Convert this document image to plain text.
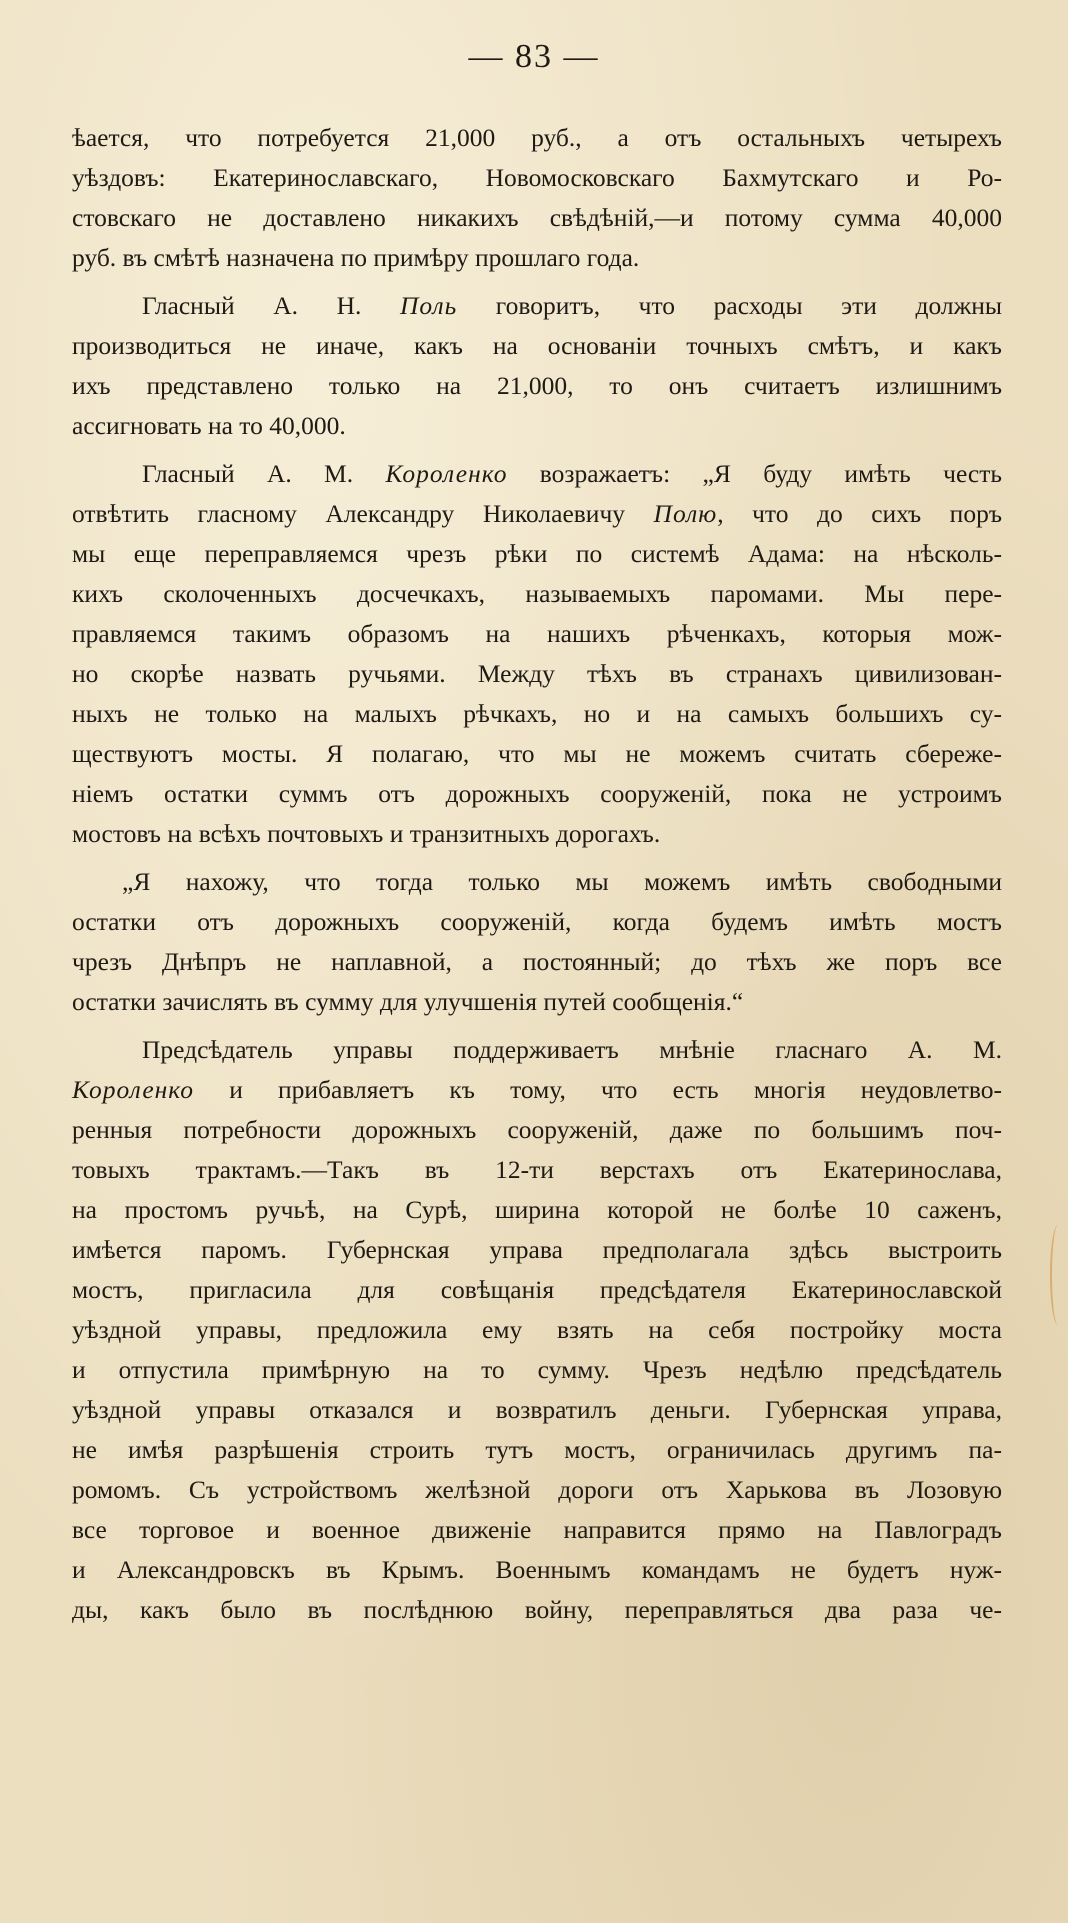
— 83 —
ѣается, что потребуется 21,000 руб., а отъ остальныхъ четырехъ
уѣздовъ: Екатеринославскаго, Новомосковскаго Бахмутскаго и Ро-
стовскаго не доставлено никакихъ свѣдѣній,—и потому сумма 40,000
руб. въ смѣтѣ назначена по примѣру прошлаго года.
Гласный А. Н. Поль говоритъ, что расходы эти должны
производиться не иначе, какъ на основаніи точныхъ смѣтъ, и какъ
ихъ представлено только на 21,000, то онъ считаетъ излишнимъ
ассигновать на то 40,000.
Гласный А. М. Короленко возражаетъ: „Я буду имѣть честь
отвѣтить гласному Александру Николаевичу Полю, что до сихъ поръ
мы еще переправляемся чрезъ рѣки по системѣ Адама: на нѣсколь-
кихъ сколоченныхъ досчечкахъ, называемыхъ паромами. Мы пере-
правляемся такимъ образомъ на нашихъ рѣченкахъ, которыя мож-
но скорѣе назвать ручьями. Между тѣхъ въ странахъ цивилизован-
ныхъ не только на малыхъ рѣчкахъ, но и на самыхъ большихъ су-
ществуютъ мосты. Я полагаю, что мы не можемъ считать сбереже-
ніемъ остатки суммъ отъ дорожныхъ сооруженій, пока не устроимъ
мостовъ на всѣхъ почтовыхъ и транзитныхъ дорогахъ.
„Я нахожу, что тогда только мы можемъ имѣть свободными
остатки отъ дорожныхъ сооруженій, когда будемъ имѣть мостъ
чрезъ Днѣпръ не наплавной, а постоянный; до тѣхъ же поръ все
остатки зачислять въ сумму для улучшенія путей сообщенія.“
Предсѣдатель управы поддерживаетъ мнѣніе гласнаго А. М.
Короленко и прибавляетъ къ тому, что есть многія неудовлетво-
ренныя потребности дорожныхъ сооруженій, даже по большимъ поч-
товыхъ трактамъ.—Такъ въ 12-ти верстахъ отъ Екатеринослава,
на простомъ ручьѣ, на Сурѣ, ширина которой не болѣе 10 саженъ,
имѣется паромъ. Губернская управа предполагала здѣсь выстроить
мостъ, пригласила для совѣщанія предсѣдателя Екатеринославской
уѣздной управы, предложила ему взять на себя постройку моста
и отпустила примѣрную на то сумму. Чрезъ недѣлю предсѣдатель
уѣздной управы отказался и возвратилъ деньги. Губернская управа,
не имѣя разрѣшенія строить тутъ мостъ, ограничилась другимъ па-
ромомъ. Съ устройствомъ желѣзной дороги отъ Харькова въ Лозовую
все торговое и военное движеніе направится прямо на Павлоградъ
и Александровскъ въ Крымъ. Военнымъ командамъ не будетъ нуж-
ды, какъ было въ послѣднюю войну, переправляться два раза че-
